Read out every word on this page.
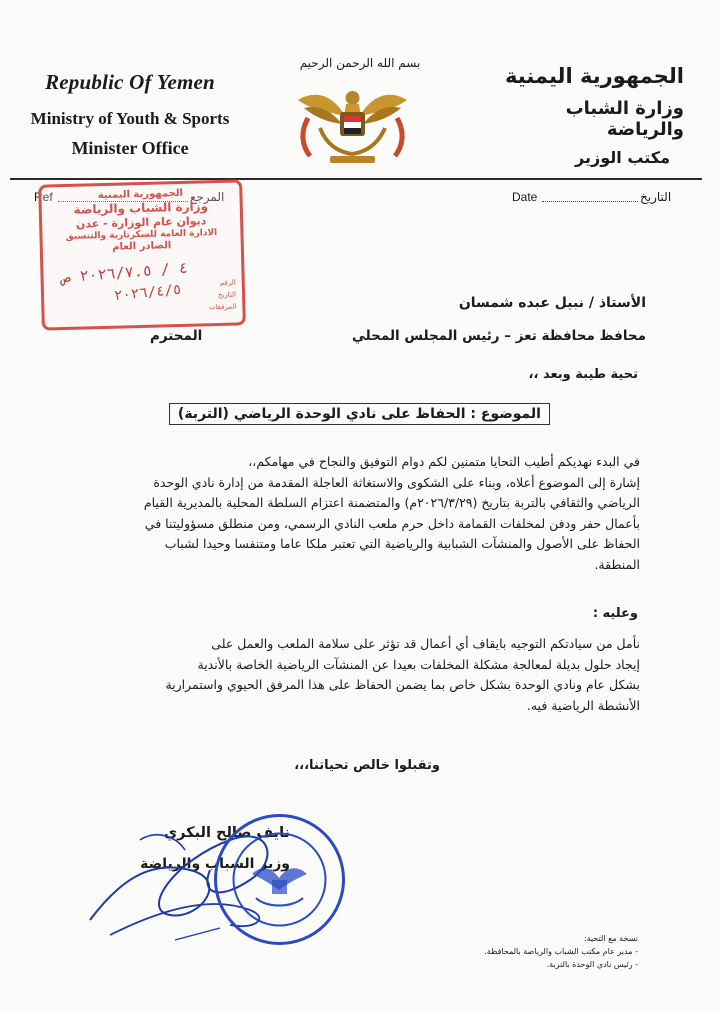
Republic Of Yemen
Ministry of Youth & Sports
Minister Office
بسم الله الرحمن الرحيم
الجمهورية اليمنية
وزارة الشباب والرياضة
مكتب الوزير
Ref	المرجع	Date	التاريخ
الجمهورية اليمنية
وزارة الشباب والرياضة
ديوان عام الوزارة - عدن
الادارة العامة للسكرتارية والتنسيق
الصادر العام
٤ / ٢٠٢٦/٧.٥ ص
٢٠٢٦/٤/٥	الرقم
التاريخ
المرفقات	الأستاذ / نبيل عبده شمسان
محافظ محافظة تعز – رئيس المجلس المحلي
المحترم
تحية طيبة وبعد ،،
الموضوع : الحفاظ على نادي الوحدة الرياضي (التربة)
في البدء نهديكم أطيب التحايا متمنين لكم دوام التوفيق والنجاح في مهامكم،،
إشارة إلى الموضوع أعلاه، وبناء على الشكوى والاستغاثة العاجلة المقدمة من إدارة نادي الوحدة
الرياضي والثقافي بالتربة بتاريخ (٢٠٢٦/٣/٢٩م) والمتضمنة اعتزام السلطة المحلية بالمديرية القيام
بأعمال حفر ودفن لمخلفات القمامة داخل حرم ملعب النادي الرسمي، ومن منطلق مسؤوليتنا في
الحفاظ على الأصول والمنشآت الشبابية والرياضية التي تعتبر ملكا عاما ومتنفسا وحيدا لشباب
المنطقة.
وعليه :
نأمل من سيادتكم التوجيه بايقاف أي أعمال قد تؤثر على سلامة الملعب والعمل على
إيجاد حلول بديلة لمعالجة مشكلة المخلفات بعيدا عن المنشآت الرياضية الخاصة بالأندية
بشكل عام ونادي الوحدة بشكل خاص بما يضمن الحفاظ على هذا المرفق الحيوي واستمرارية
الأنشطة الرياضية فيه.
وتقبلوا خالص تحياتنا،،،
نايف صالح البكري
وزير الشباب والرياضة
نسخة مع التحية:
- مدير عام مكتب الشباب والرياضة بالمحافظة.
- رئيس نادي الوحدة بالتربة.
